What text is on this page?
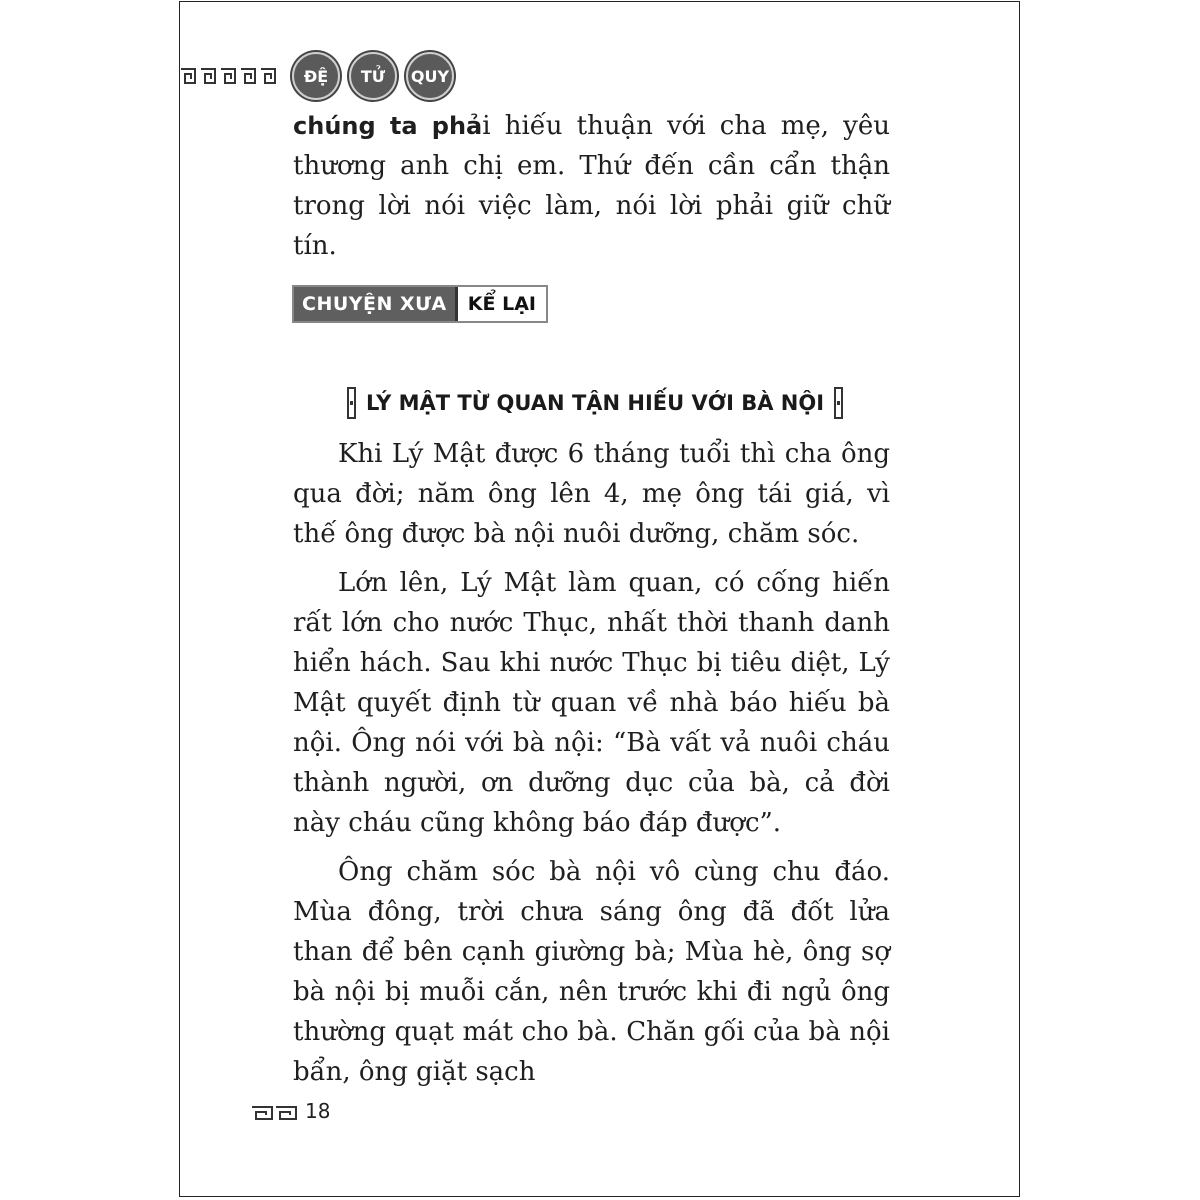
ĐỆ	TỬ	QUY

chúng ta phải hiếu thuận với cha mẹ, yêu thương anh chị em. Thứ đến cần cẩn thận trong lời nói việc làm, nói lời phải giữ chữ tín.

CHUYỆN XƯA	KỂ LẠI
LÝ MẬT TỪ QUAN TẬN HIẾU VỚI BÀ NỘI

Khi Lý Mật được 6 tháng tuổi thì cha ông qua đời; năm ông lên 4, mẹ ông tái giá, vì thế ông được bà nội nuôi dưỡng, chăm sóc.

Lớn lên, Lý Mật làm quan, có cống hiến rất lớn cho nước Thục, nhất thời thanh danh hiển hách. Sau khi nước Thục bị tiêu diệt, Lý Mật quyết định từ quan về nhà báo hiếu bà nội. Ông nói với bà nội: “Bà vất vả nuôi cháu thành người, ơn dưỡng dục của bà, cả đời này cháu cũng không báo đáp được”.

Ông chăm sóc bà nội vô cùng chu đáo. Mùa đông, trời chưa sáng ông đã đốt lửa than để bên cạnh giường bà; Mùa hè, ông sợ bà nội bị muỗi cắn, nên trước khi đi ngủ ông thường quạt mát cho bà. Chăn gối của bà nội bẩn, ông giặt sạch

18
